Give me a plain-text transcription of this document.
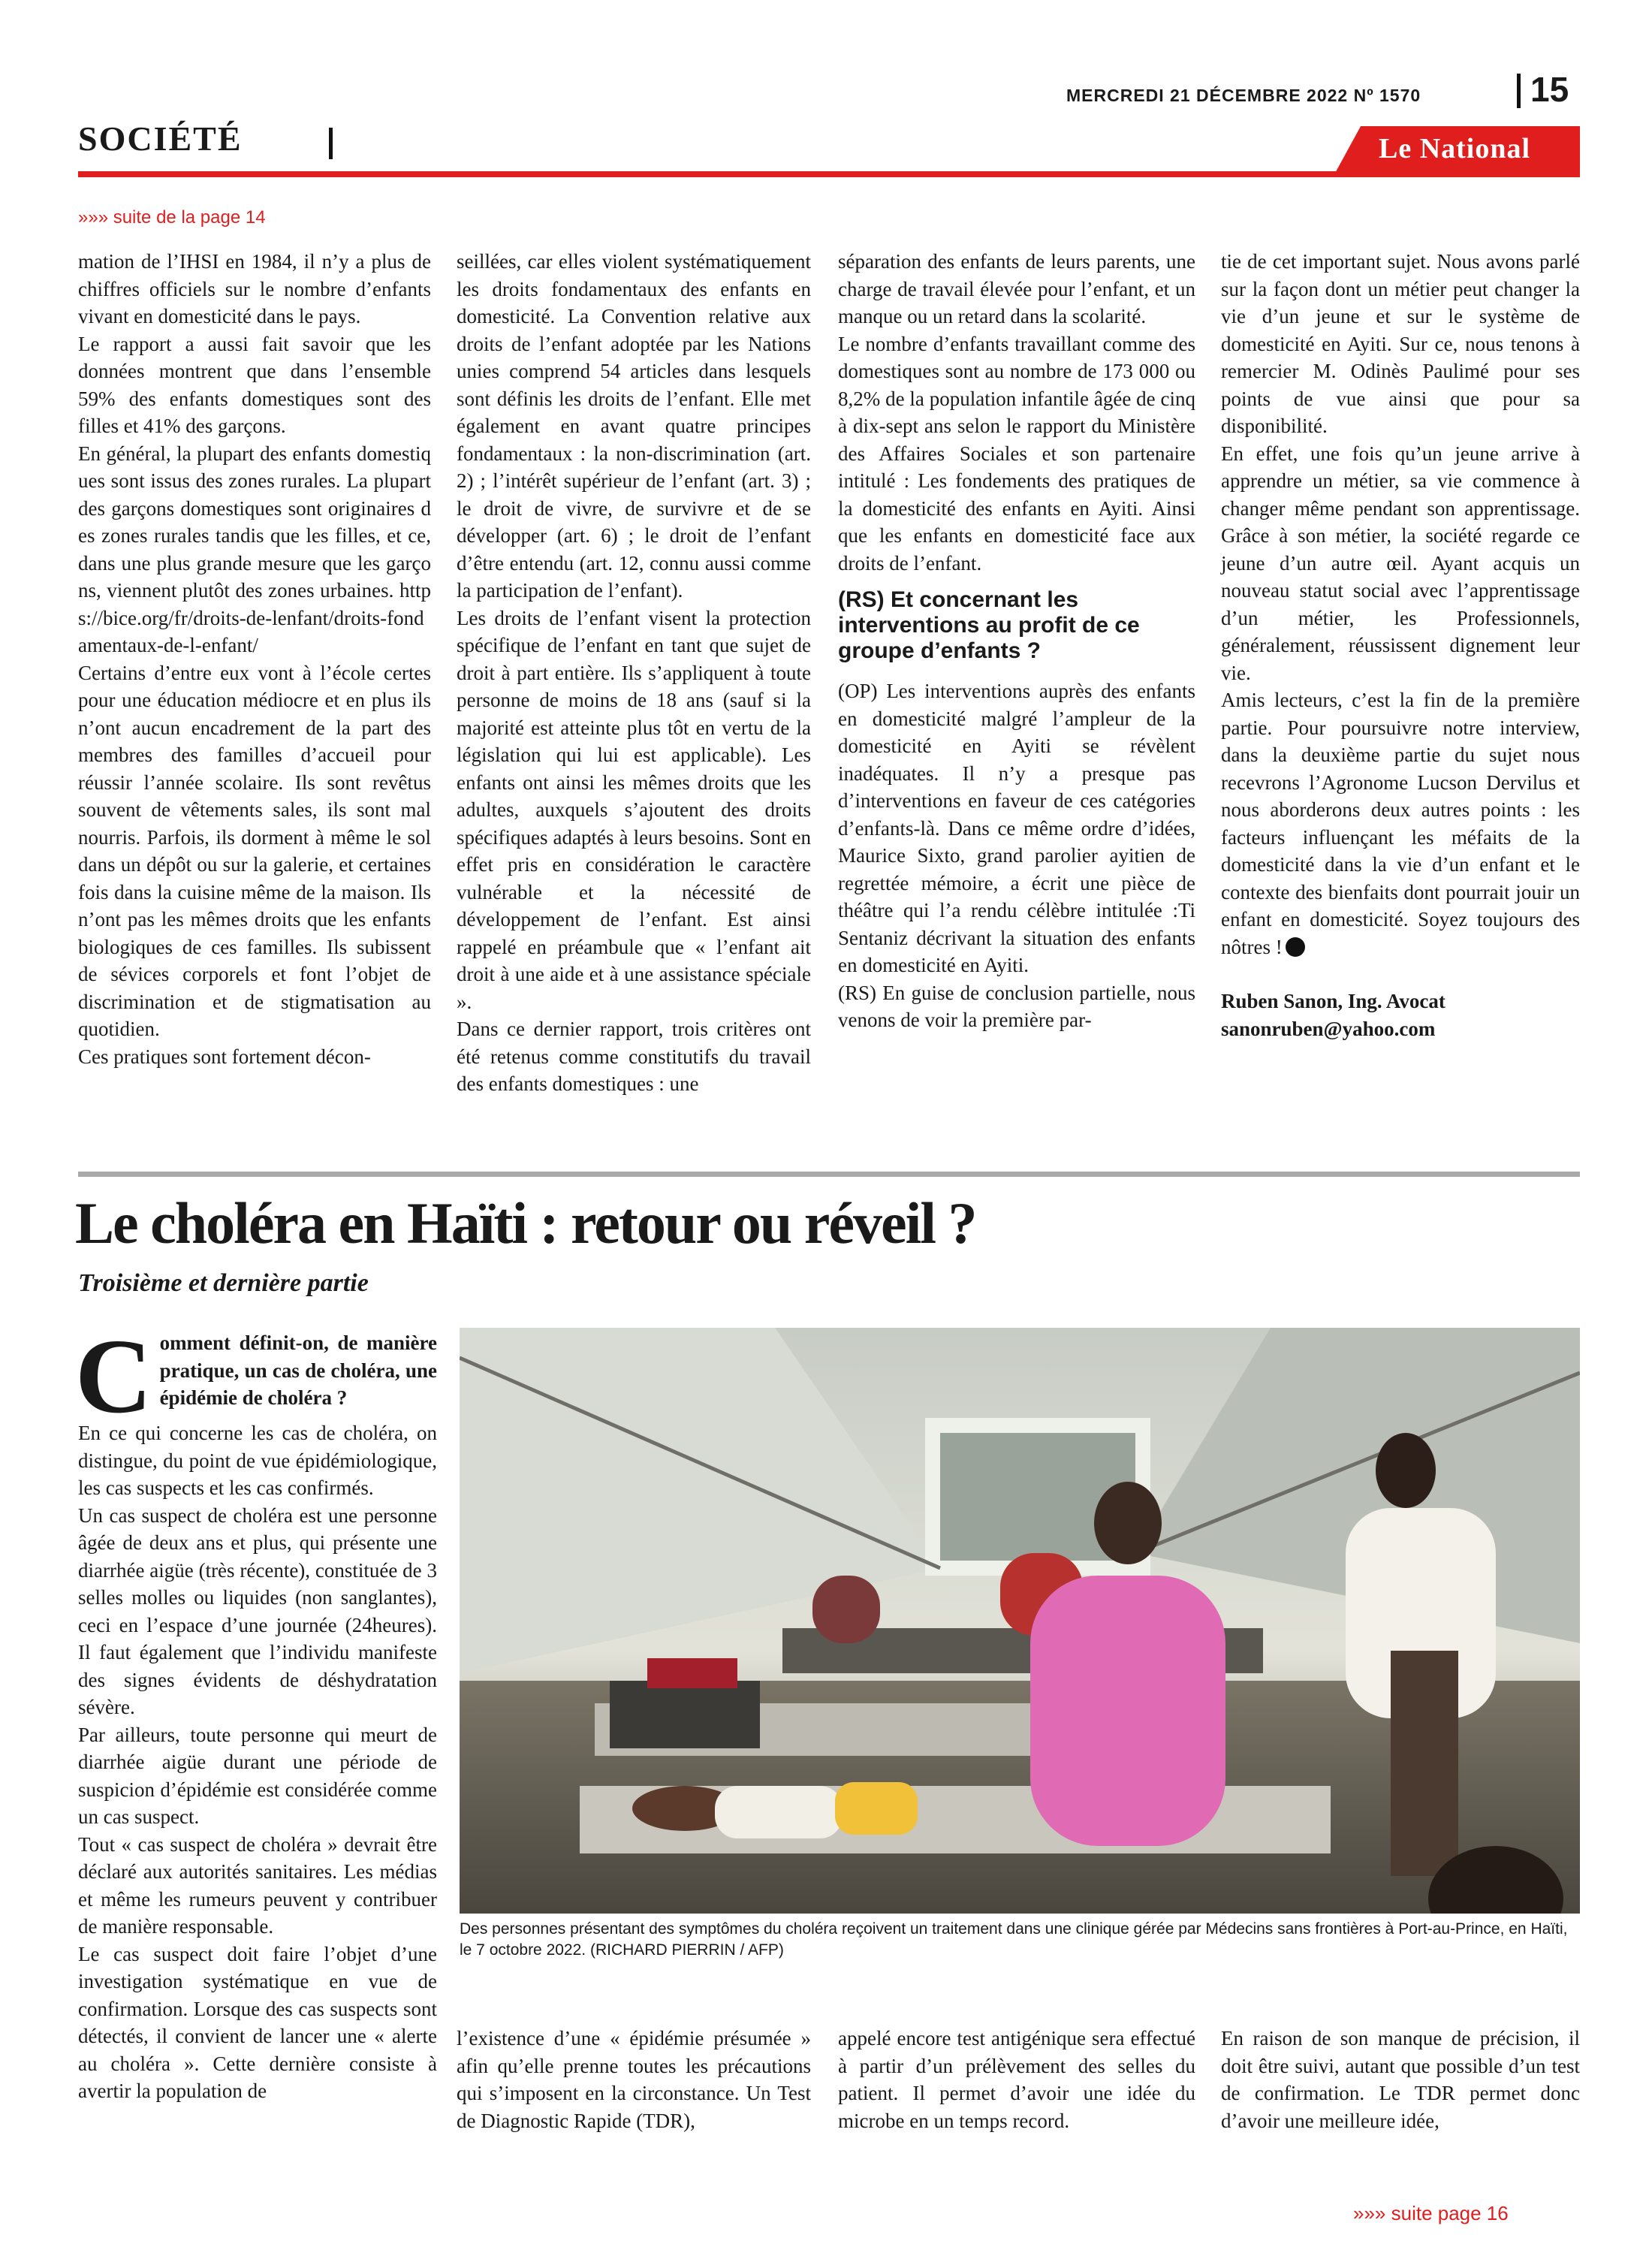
MERCREDI 21 DÉCEMBRE 2022 Nº 1570	15
SOCIÉTÉ	Le National
»»» suite de la page 14

mation de l’IHSI en 1984, il n’y a plus de chiffres officiels sur le nombre d’enfants vivant en domesticité dans le pays.

Le rapport a aussi fait savoir que les données montrent que dans l’ensemble 59% des enfants domestiques sont des filles et 41% des garçons.

En général, la plupart des enfants domestiques sont issus des zones rurales. La plupart des garçons domestiques sont originaires des zones rurales tandis que les filles, et ce, dans une plus grande mesure que les garçons, viennent plutôt des zones urbaines. https://bice.org/fr/droits-de-lenfant/droits-fondamentaux-de-l-enfant/

Certains d’entre eux vont à l’école certes pour une éducation médiocre et en plus ils n’ont aucun encadrement de la part des membres des familles d’accueil pour réussir l’année scolaire. Ils sont revêtus souvent de vêtements sales, ils sont mal nourris. Parfois, ils dorment à même le sol dans un dépôt ou sur la galerie, et certaines fois dans la cuisine même de la maison. Ils n’ont pas les mêmes droits que les enfants biologiques de ces familles. Ils subissent de sévices corporels et font l’objet de discrimination et de stigmatisation au quotidien.

Ces pratiques sont fortement décon-

seillées, car elles violent systématiquement les droits fondamentaux des enfants en domesticité. La Convention relative aux droits de l’enfant adoptée par les Nations unies comprend 54 articles dans lesquels sont définis les droits de l’enfant. Elle met également en avant quatre principes fondamentaux : la non-discrimination (art. 2) ; l’intérêt supérieur de l’enfant (art. 3) ; le droit de vivre, de survivre et de se développer (art. 6) ; le droit de l’enfant d’être entendu (art. 12, connu aussi comme la participation de l’enfant).

Les droits de l’enfant visent la protection spécifique de l’enfant en tant que sujet de droit à part entière. Ils s’appliquent à toute personne de moins de 18 ans (sauf si la majorité est atteinte plus tôt en vertu de la législation qui lui est applicable). Les enfants ont ainsi les mêmes droits que les adultes, auxquels s’ajoutent des droits spécifiques adaptés à leurs besoins. Sont en effet pris en considération le caractère vulnérable et la nécessité de développement de l’enfant. Est ainsi rappelé en préambule que « l’enfant ait droit à une aide et à une assistance spéciale ».

Dans ce dernier rapport, trois critères ont été retenus comme constitutifs du travail des enfants domestiques : une

séparation des enfants de leurs parents, une charge de travail élevée pour l’enfant, et un manque ou un retard dans la scolarité.

Le nombre d’enfants travaillant comme des domestiques sont au nombre de 173 000 ou 8,2% de la population infantile âgée de cinq à dix-sept ans selon le rapport du Ministère des Affaires Sociales et son partenaire intitulé : Les fondements des pratiques de la domesticité des enfants en Ayiti. Ainsi que les enfants en domesticité face aux droits de l’enfant.

(RS) Et concernant les interventions au profit de ce groupe d’enfants ?

(OP) Les interventions auprès des enfants en domesticité malgré l’ampleur de la domesticité en Ayiti se révèlent inadéquates. Il n’y a presque pas d’interventions en faveur de ces catégories d’enfants-là. Dans ce même ordre d’idées, Maurice Sixto, grand parolier ayitien de regrettée mémoire, a écrit une pièce de théâtre qui l’a rendu célèbre intitulée :Ti Sentaniz décrivant la situation des enfants en domesticité en Ayiti.

(RS) En guise de conclusion partielle, nous venons de voir la première par-

tie de cet important sujet. Nous avons parlé sur la façon dont un métier peut changer la vie d’un jeune et sur le système de domesticité en Ayiti. Sur ce, nous tenons à remercier M. Odinès Paulimé pour ses points de vue ainsi que pour sa disponibilité.

En effet, une fois qu’un jeune arrive à apprendre un métier, sa vie commence à changer même pendant son apprentissage. Grâce à son métier, la société regarde ce jeune d’un autre œil. Ayant acquis un nouveau statut social avec l’apprentissage d’un métier, les Professionnels, généralement, réussissent dignement leur vie.

Amis lecteurs, c’est la fin de la première partie. Pour poursuivre notre interview, dans la deuxième partie du sujet nous recevrons l’Agronome Lucson Dervilus et nous aborderons deux autres points : les facteurs influençant les méfaits de la domesticité dans la vie d’un enfant et le contexte des bienfaits dont pourrait jouir un enfant en domesticité. Soyez toujours des nôtres !

Ruben Sanon, Ing. Avocat

sanonruben@yahoo.com

Le choléra en Haïti : retour ou réveil ?
Troisième et dernière partie

Comment définit-on, de manière pratique, un cas de choléra, une épidémie de choléra ?

En ce qui concerne les cas de choléra, on distingue, du point de vue épidémiologique, les cas suspects et les cas confirmés.

Un cas suspect de choléra est une personne âgée de deux ans et plus, qui présente une diarrhée aigüe (très récente), constituée de 3 selles molles ou liquides (non sanglantes), ceci en l’espace d’une journée (24heures). Il faut également que l’individu manifeste des signes évidents de déshydratation sévère.

Par ailleurs, toute personne qui meurt de diarrhée aigüe durant une période de suspicion d’épidémie est considérée comme un cas suspect.

Tout « cas suspect de choléra » devrait être déclaré aux autorités sanitaires. Les médias et même les rumeurs peuvent y contribuer de manière responsable.

Le cas suspect doit faire l’objet d’une investigation systématique en vue de confirmation. Lorsque des cas suspects sont détectés, il convient de lancer une « alerte au choléra ». Cette dernière consiste à avertir la population de

Des personnes présentant des symptômes du choléra reçoivent un traitement dans une clinique gérée par Médecins sans frontières à Port-au-Prince, en Haïti, le 7 octobre 2022. (RICHARD PIERRIN / AFP)

l’existence d’une « épidémie présumée » afin qu’elle prenne toutes les précautions qui s’imposent en la circonstance. Un Test de Diagnostic Rapide (TDR),

appelé encore test antigénique sera effectué à partir d’un prélèvement des selles du patient. Il permet d’avoir une idée du microbe en un temps record.

En raison de son manque de précision, il doit être suivi, autant que possible d’un test de confirmation. Le TDR permet donc d’avoir une meilleure idée,

»»» suite page 16
